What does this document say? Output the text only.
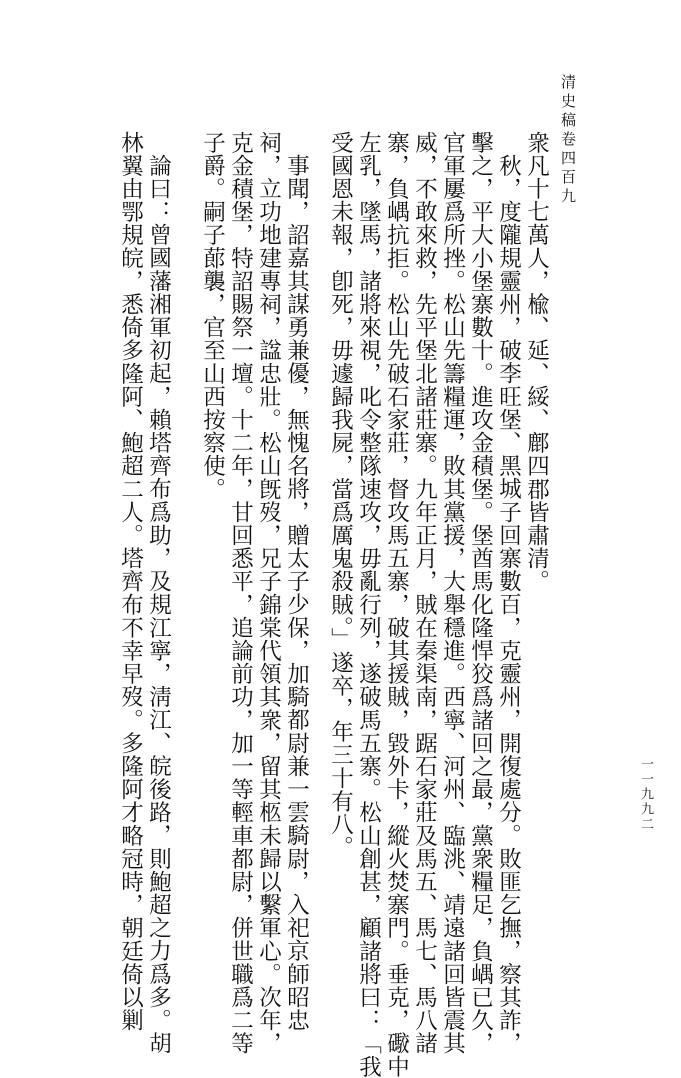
清史稿卷四百九
一一九九二
衆凡十七萬人，楡、延、綏、鄜四郡皆肅清。
秋，度隴規靈州，破李旺堡、黑城子回寨數百，克靈州，開復處分。敗匪乞撫，察其詐，
擊之，平大小堡寨數十。進攻金積堡。堡酋馬化隆悍狡爲諸回之最，黨衆糧足，負嵎已久，
官軍屢爲所挫。松山先籌糧運，敗其黨援，大舉穩進。西寧、河州、臨洮、靖遠諸回皆震其
威，不敢來救，先平堡北諸莊寨。九年正月，賊在秦渠南，踞石家莊及馬五、馬七、馬八諸
寨，負嵎抗拒。松山先破石家莊，督攻馬五寨，破其援賊，毀外卡，縱火焚寨門。垂克，礮中
左乳，墜馬，諸將來視，叱令整隊速攻，毋亂行列，遂破馬五寨。松山創甚，顧諸將曰：「我
受國恩未報，卽死，毋遽歸我屍，當爲厲鬼殺賊。」遂卒，年三十有八。
事聞，詔嘉其謀勇兼優，無愧名將，贈太子少保，加騎都尉兼一雲騎尉，入祀京師昭忠
祠，立功地建專祠，諡忠壯。松山旣歿，兄子錦棠代領其衆，留其柩未歸以繫軍心。次年，
克金積堡，特詔賜祭一壇。十二年，甘回悉平，追論前功，加一等輕車都尉，併世職爲二等
子爵。嗣子蓈襲，官至山西按察使。
論曰：曾國藩湘軍初起，賴塔齊布爲助，及規江寧，淸江、皖後路，則鮑超之力爲多。胡
林翼由鄂規皖，悉倚多隆阿、鮑超二人。塔齊布不幸早歿。多隆阿才略冠時，朝廷倚以剿
